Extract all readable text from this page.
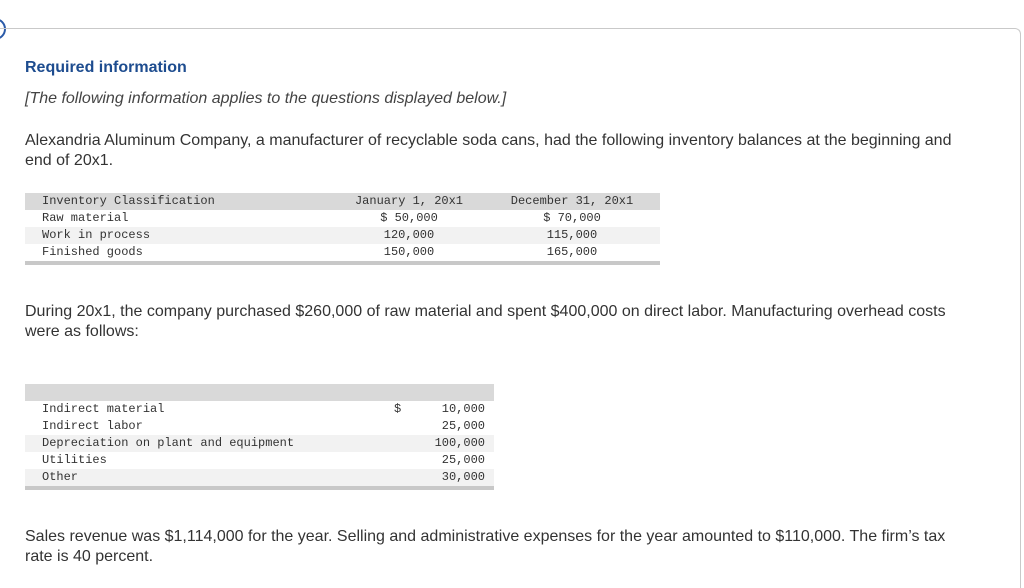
Required information
[The following information applies to the questions displayed below.]
Alexandria Aluminum Company, a manufacturer of recyclable soda cans, had the following inventory balances at the beginning and end of 20x1.
Inventory Classification	January 1, 20x1	December 31, 20x1
Raw material	$ 50,000	$ 70,000
Work in process	120,000	115,000
Finished goods	150,000	165,000
During 20x1, the company purchased $260,000 of raw material and spent $400,000 on direct labor. Manufacturing overhead costs were as follows:
Indirect material	$	10,000
Indirect labor	25,000
Depreciation on plant and equipment	100,000
Utilities	25,000
Other	30,000
Sales revenue was $1,114,000 for the year. Selling and administrative expenses for the year amounted to $110,000. The firm’s tax rate is 40 percent.
